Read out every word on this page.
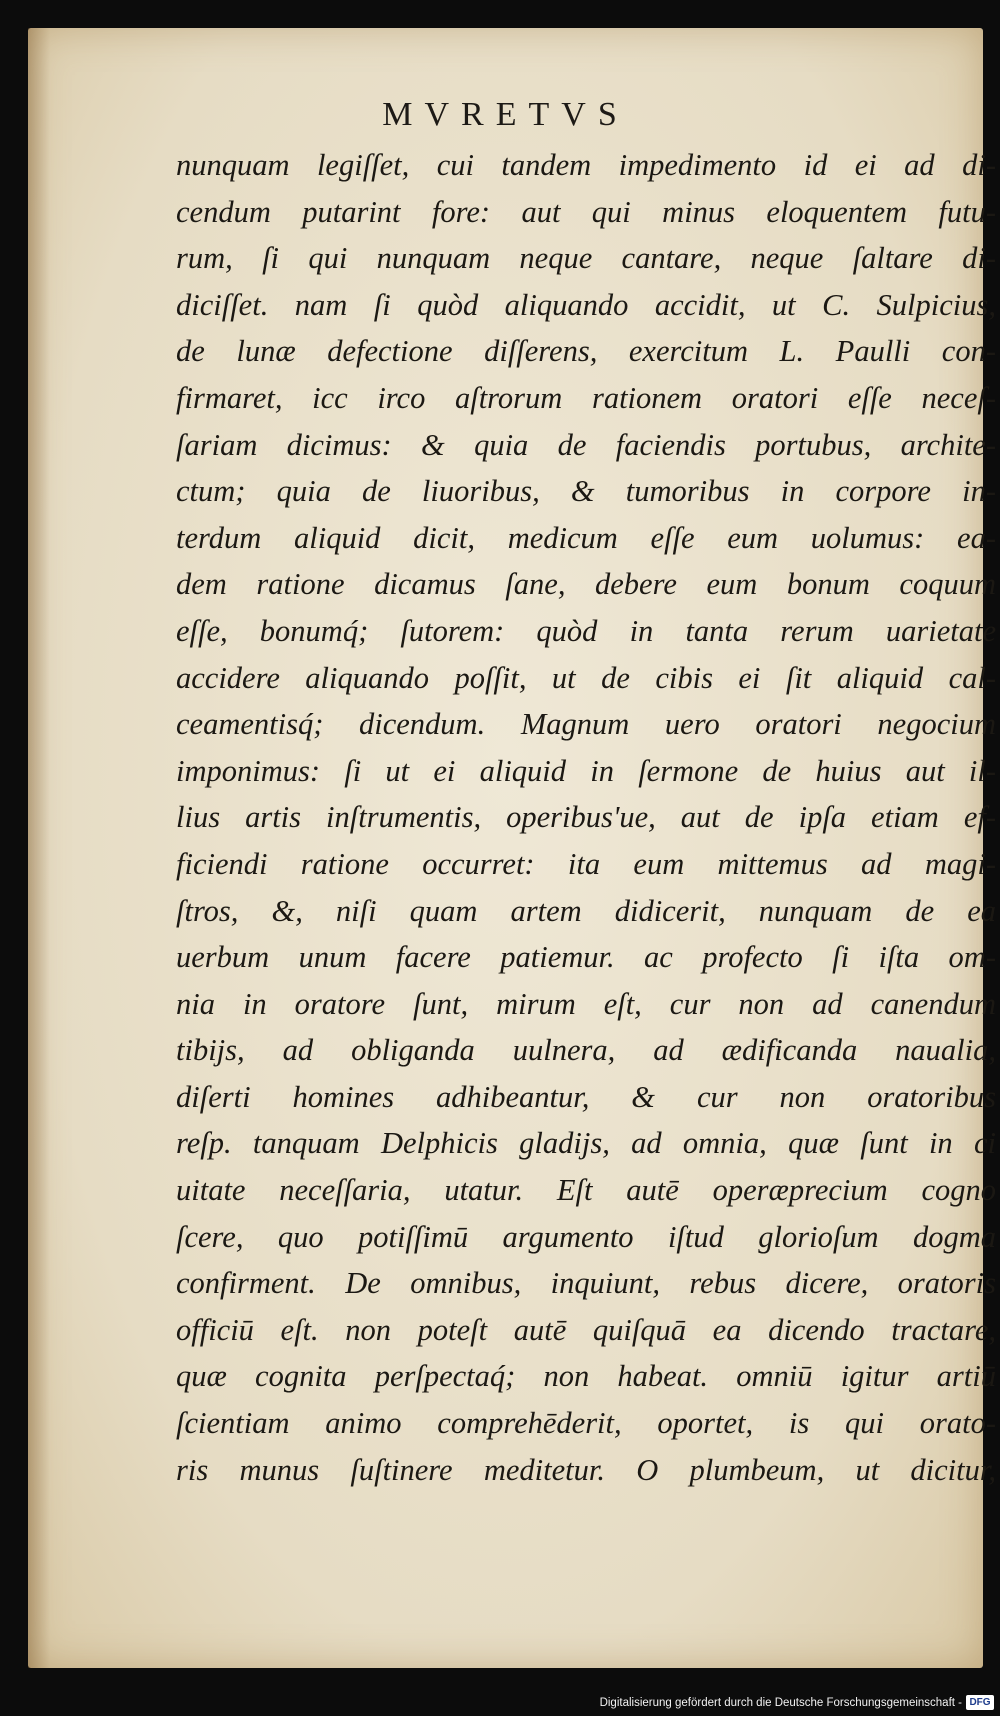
MVRETVS
nunquam legiſſet, cui tandem impedimento id ei ad di-
cendum putarint fore: aut qui minus eloquentem futu-
rum, ſi qui nunquam neque cantare, neque ſaltare di-
diciſſet. nam ſi quòd aliquando accidit, ut C. Sulpicius,
de lunæ defectione diſſerens, exercitum L. Paulli con-
firmaret, icc irco aſtrorum rationem oratori eſſe neceſ-
ſariam dicimus: & quia de faciendis portubus, archite-
ctum; quia de liuoribus, & tumoribus in corpore in-
terdum aliquid dicit, medicum eſſe eum uolumus: ea-
dem ratione dicamus ſane, debere eum bonum coquum
eſſe, bonumq́; ſutorem: quòd in tanta rerum uarietate
accidere aliquando poſſit, ut de cibis ei ſit aliquid cal-
ceamentisq́; dicendum. Magnum uero oratori negocium
imponimus: ſi ut ei aliquid in ſermone de huius aut il-
lius artis inſtrumentis, operibus'ue, aut de ipſa etiam ef-
ficiendi ratione occurret: ita eum mittemus ad magi-
ſtros, &, niſi quam artem didicerit, nunquam de ea
uerbum unum facere patiemur. ac profecto ſi iſta om-
nia in oratore ſunt, mirum eſt, cur non ad canendum
tibijs, ad obliganda uulnera, ad ædificanda naualia,
diſerti homines adhibeantur, & cur non oratoribus
reſp. tanquam Delphicis gladijs, ad omnia, quæ ſunt in ci
uitate neceſſaria, utatur. Eſt autē operæprecium cogno
ſcere, quo potiſſimū argumento iſtud glorioſum dogma
confirment. De omnibus, inquiunt, rebus dicere, oratoris
officiū eſt. non poteſt autē quiſquā ea dicendo tractare,
quæ cognita perſpectaq́; non habeat. omniū igitur artiū
ſcientiam animo comprehēderit, oportet, is qui orato-
ris munus ſuſtinere meditetur. O plumbeum, ut dicitur,
Digitalisierung gefördert durch die Deutsche Forschungsgemeinschaft - DFG
